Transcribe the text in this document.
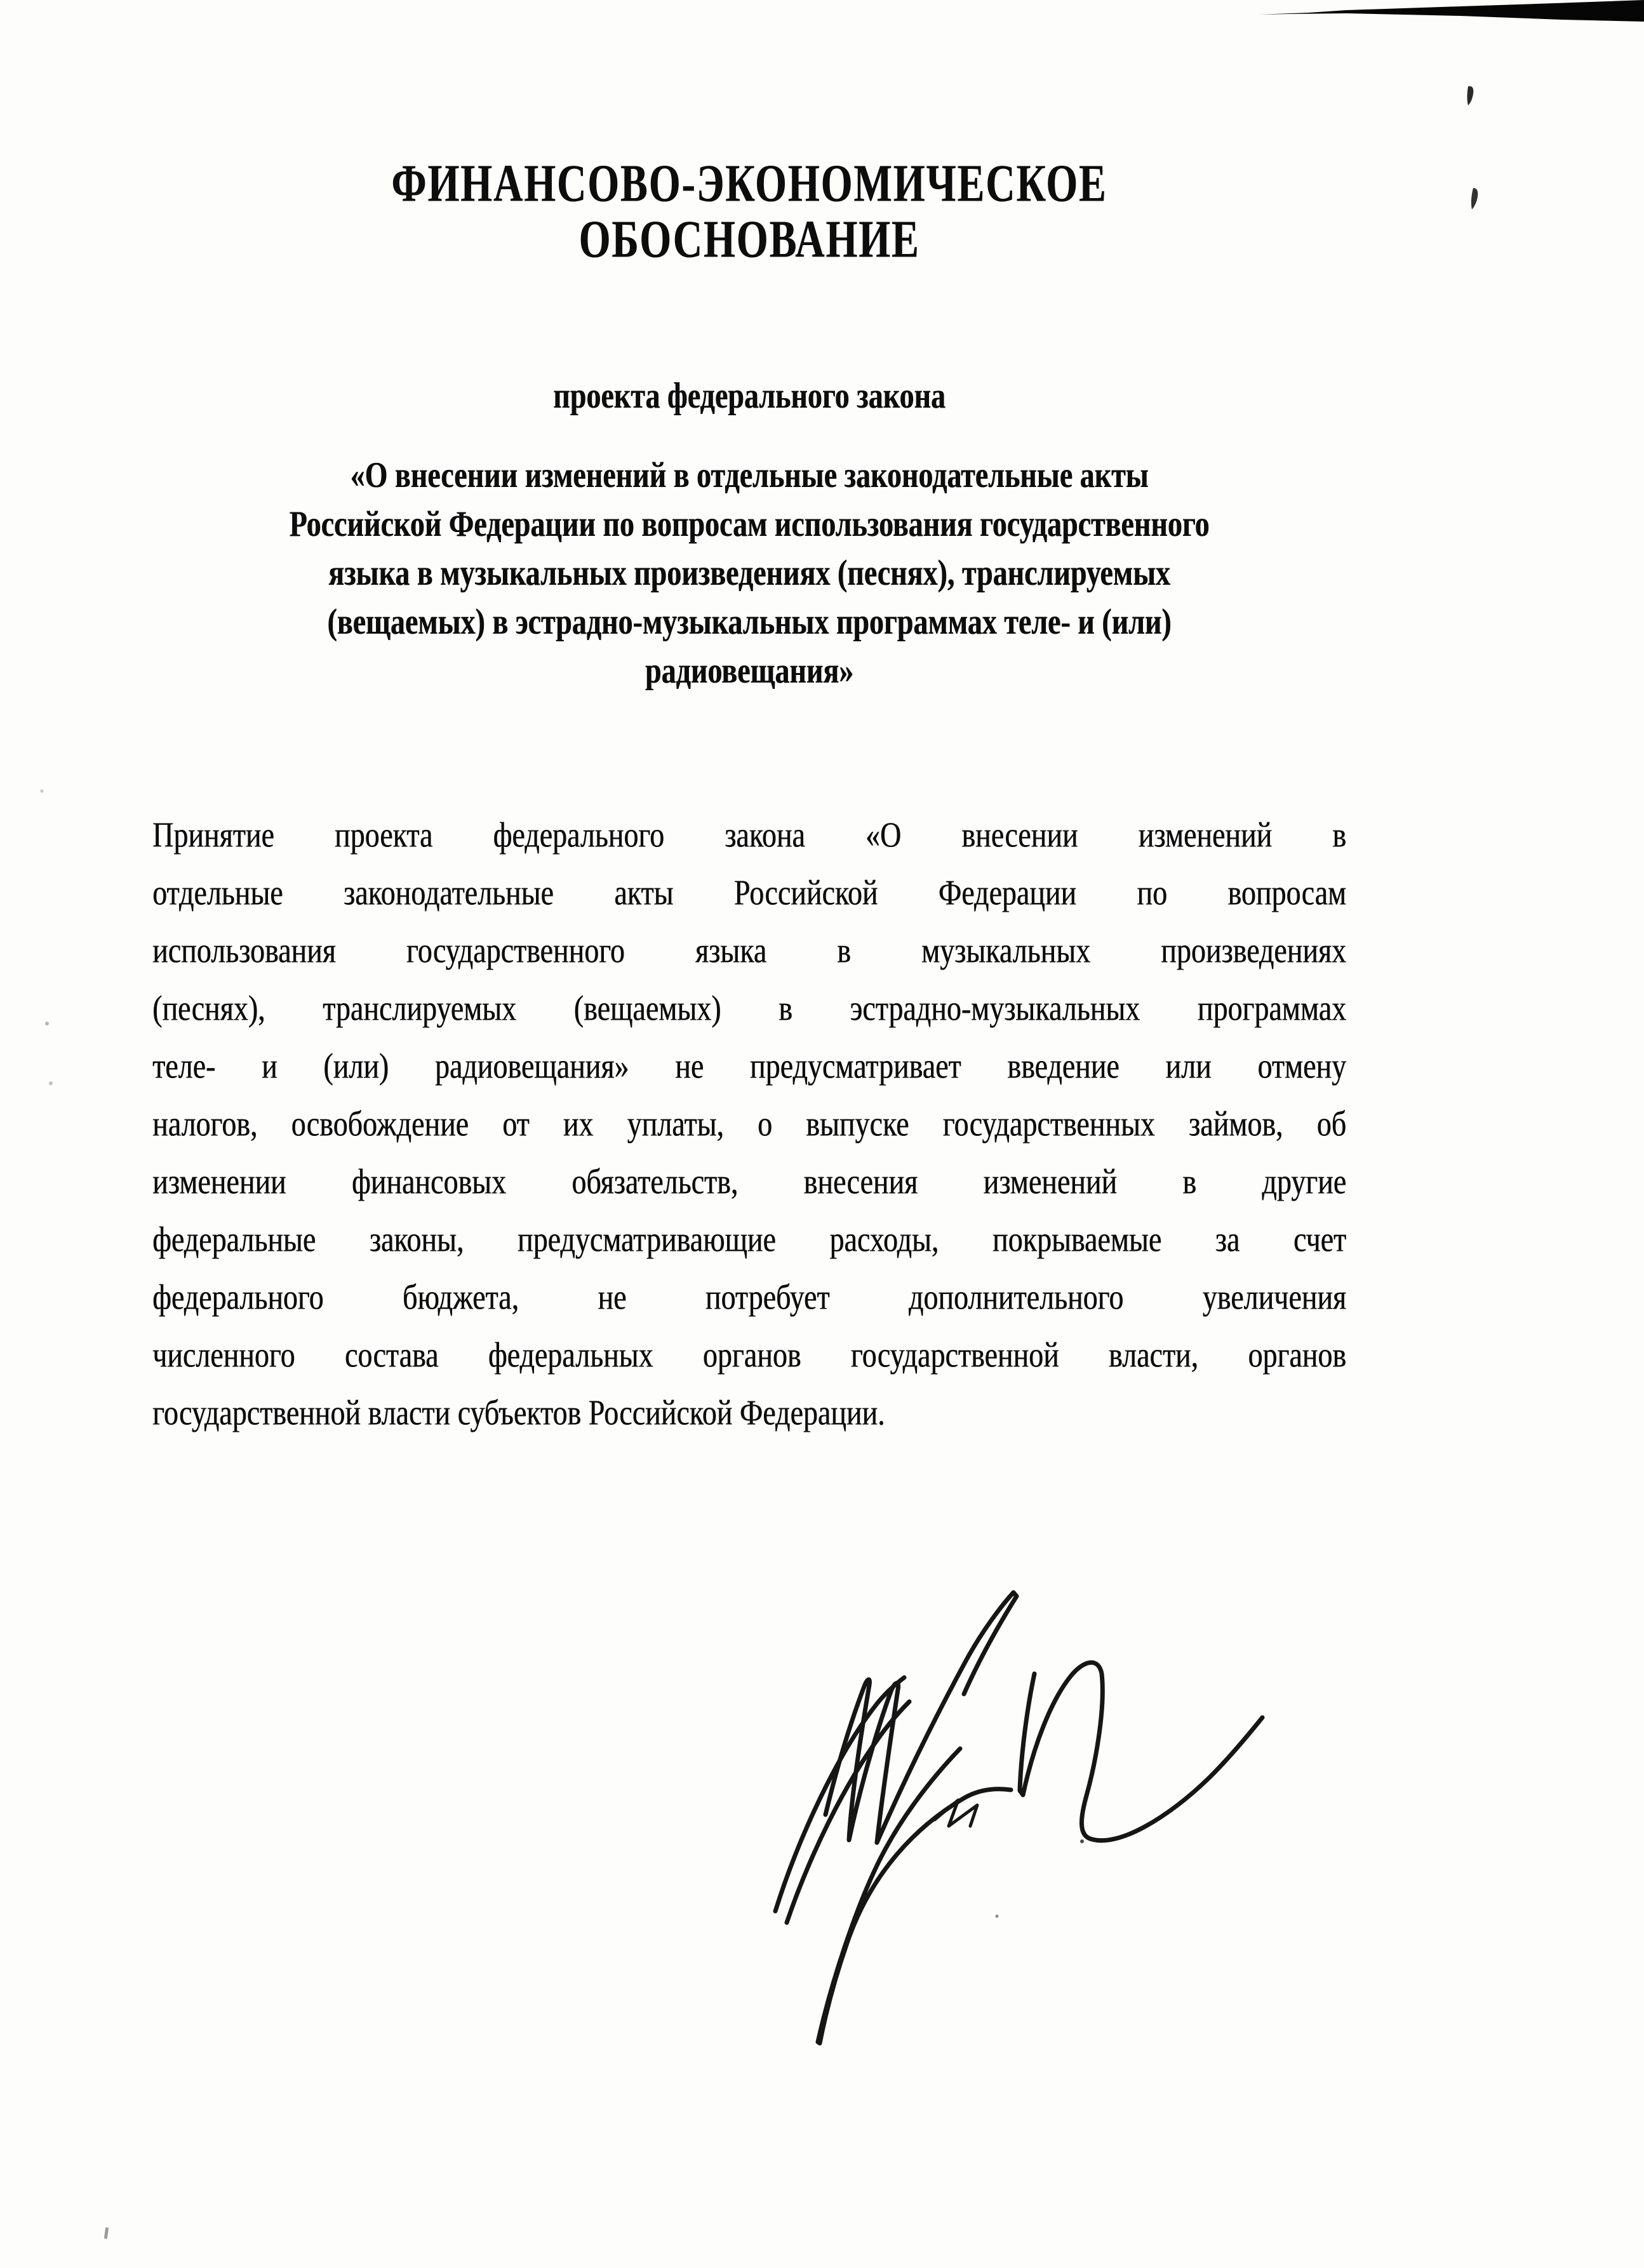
ФИНАНСОВО-ЭКОНОМИЧЕСКОЕ
ОБОСНОВАНИЕ
проекта федерального закона
«О внесении изменений в отдельные законодательные акты
Российской Федерации по вопросам использования государственного
языка в музыкальных произведениях (песнях), транслируемых
(вещаемых) в эстрадно-музыкальных программах теле- и (или)
радиовещания»
Принятие проекта федерального закона «О внесении изменений в
отдельные законодательные акты Российской Федерации по вопросам
использования государственного языка в музыкальных произведениях
(песнях), транслируемых (вещаемых) в эстрадно-музыкальных программах
теле- и (или) радиовещания» не предусматривает введение или отмену
налогов, освобождение от их уплаты, о выпуске государственных займов, об
изменении финансовых обязательств, внесения изменений в другие
федеральные законы, предусматривающие расходы, покрываемые за счет
федерального бюджета, не потребует дополнительного увеличения
численного состава федеральных органов государственной власти, органов
государственной власти субъектов Российской Федерации.
